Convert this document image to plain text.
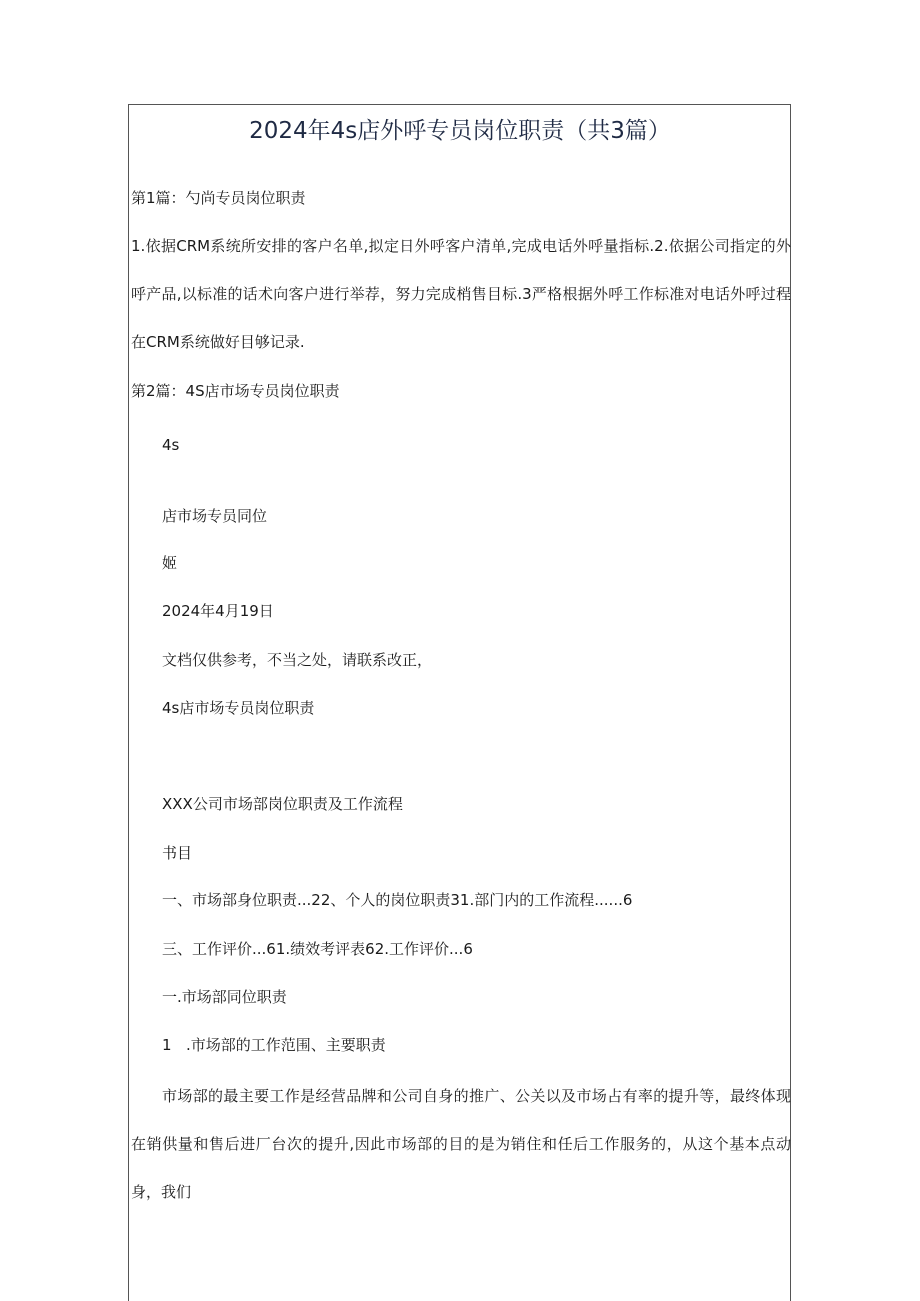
2024年4s店外呼专员岗位职责（共3篇）
第1篇：勺尚专员岗位职责
1.依据CRM系统所安排的客户名单,拟定日外呼客户清单,完成电话外呼量指标.2.依据公司指定的外呼产品,以标准的话术向客户进行举荐，努力完成梢售目标.3严格根据外呼工作标准对电话外呼过程在CRM系统做好目够记录.
第2篇：4S店市场专员岗位职责
4s
店市场专员同位
姬
2024年4月19日
文档仅供参考，不当之处，请联系改正，
4s店市场专员岗位职责
XXX公司市场部岗位职责及工作流程
书目
一、市场部身位职责...22、个人的岗位职责31.部门内的工作流程......6
三、工作评价...61.绩效考评表62.工作评价...6
一.市场部同位职责
1 .市场部的工作范围、主要职责
市场部的最主要工作是经营品牌和公司自身的推广、公关以及市场占有率的提升等，最终体现在销供量和售后进厂台次的提升,因此市场部的目的是为销住和任后工作服务的，从这个基本点动身，我们
